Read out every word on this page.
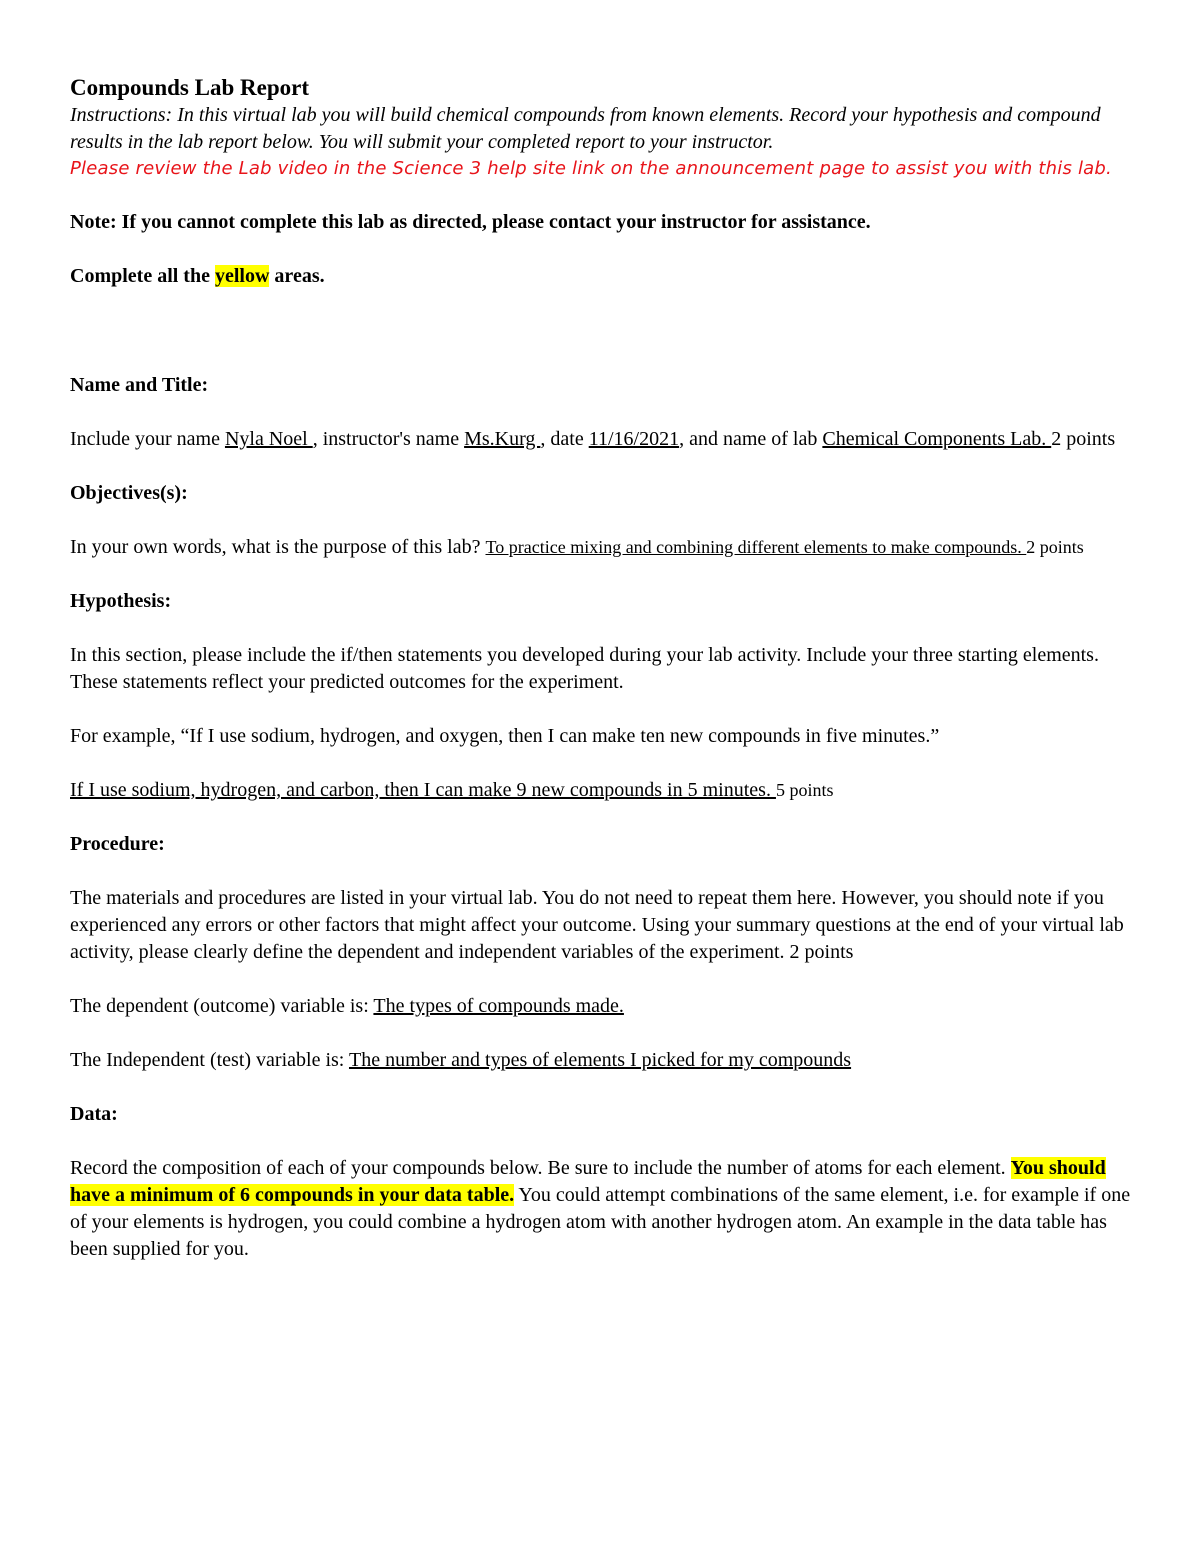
Compounds Lab Report

Instructions: In this virtual lab you will build chemical compounds from known elements. Record your hypothesis and compound results in the lab report below. You will submit your completed report to your instructor.

Please review the Lab video in the Science 3 help site link on the announcement page to assist you with this lab.

Note: If you cannot complete this lab as directed, please contact your instructor for assistance.

Complete all the yellow areas.

Name and Title:

Include your name Nyla Noel , instructor's name Ms.Kurg , date 11/16/2021, and name of lab Chemical Components Lab. 2 points

Objectives(s):

In your own words, what is the purpose of this lab? To practice mixing and combining different elements to make compounds. 2 points

Hypothesis:

In this section, please include the if/then statements you developed during your lab activity. Include your three starting elements. These statements reflect your predicted outcomes for the experiment.

For example, “If I use sodium, hydrogen, and oxygen, then I can make ten new compounds in five minutes.”

If I use sodium, hydrogen, and carbon, then I can make 9 new compounds in 5 minutes. 5 points

Procedure:

The materials and procedures are listed in your virtual lab. You do not need to repeat them here. However, you should note if you experienced any errors or other factors that might affect your outcome. Using your summary questions at the end of your virtual lab activity, please clearly define the dependent and independent variables of the experiment. 2 points

The dependent (outcome) variable is: The types of compounds made.

The Independent (test) variable is: The number and types of elements I picked for my compounds

Data:

Record the composition of each of your compounds below. Be sure to include the number of atoms for each element. You should have a minimum of 6 compounds in your data table. You could attempt combinations of the same element, i.e. for example if one of your elements is hydrogen, you could combine a hydrogen atom with another hydrogen atom. An example in the data table has been supplied for you.
